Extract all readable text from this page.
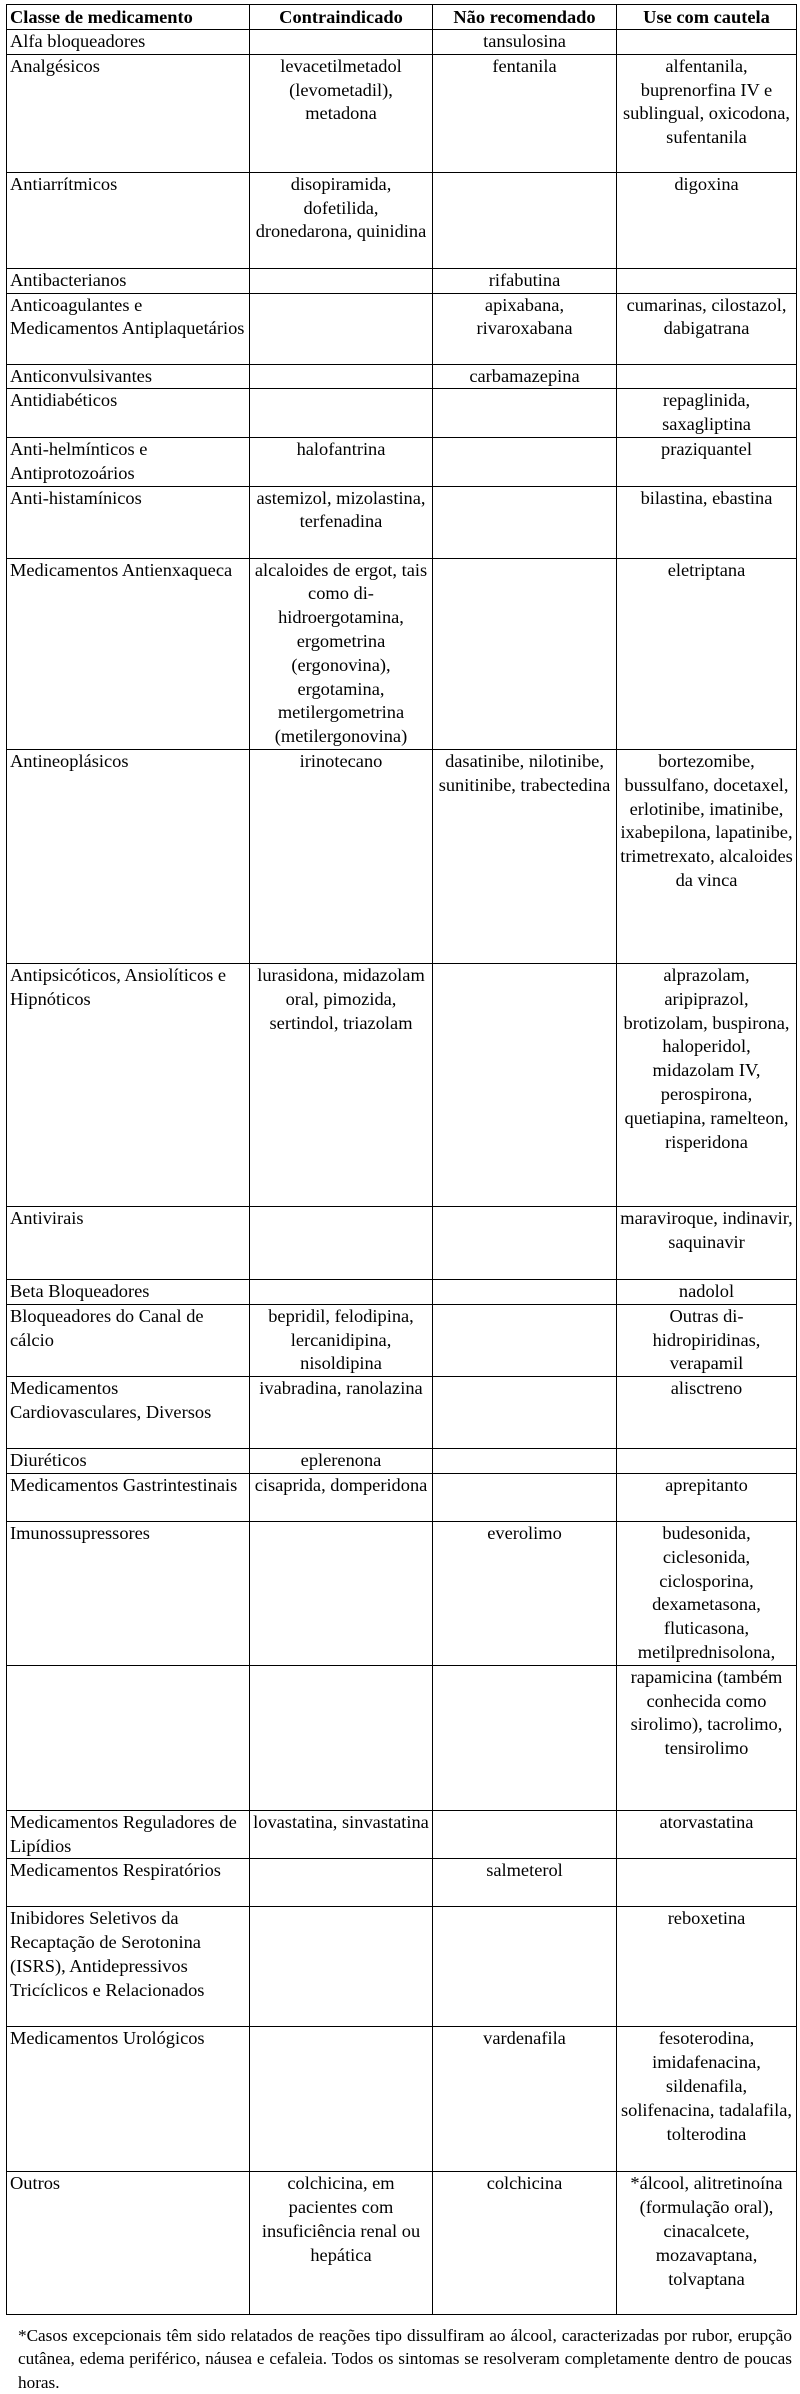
Classe de medicamento	Contraindicado	Não recomendado	Use com cautela
Alfa bloqueadores		tansulosina	
Analgésicos	levacetilmetadol (levometadil), metadona	fentanila	alfentanila, buprenorfina IV e sublingual, oxicodona, sufentanila
Antiarrítmicos	disopiramida, dofetilida, dronedarona, quinidina		digoxina
Antibacterianos		rifabutina	
Anticoagulantes e Medicamentos Antiplaquetários		apixabana, rivaroxabana	cumarinas, cilostazol, dabigatrana
Anticonvulsivantes		carbamazepina	
Antidiabéticos			repaglinida, saxagliptina
Anti-helmínticos e Antiprotozoários	halofantrina		praziquantel
Anti-histamínicos	astemizol, mizolastina, terfenadina		bilastina, ebastina
Medicamentos Antienxaqueca	alcaloides de ergot, tais como di-hidroergotamina, ergometrina (ergonovina), ergotamina, metilergometrina (metilergonovina)		eletriptana
Antineoplásicos	irinotecano	dasatinibe, nilotinibe, sunitinibe, trabectedina	bortezomibe, bussulfano, docetaxel, erlotinibe, imatinibe, ixabepilona, lapatinibe, trimetrexato, alcaloides da vinca
Antipsicóticos, Ansiolíticos e Hipnóticos	lurasidona, midazolam oral, pimozida, sertindol, triazolam		alprazolam, aripiprazol, brotizolam, buspirona, haloperidol, midazolam IV, perospirona, quetiapina, ramelteon, risperidona
Antivirais			maraviroque, indinavir, saquinavir
Beta Bloqueadores			nadolol
Bloqueadores do Canal de cálcio	bepridil, felodipina, lercanidipina, nisoldipina		Outras di-hidropiridinas, verapamil
Medicamentos Cardiovasculares, Diversos	ivabradina, ranolazina		alisctreno
Diuréticos	eplerenona		
Medicamentos Gastrintestinais	cisaprida, domperidona		aprepitanto
Imunossupressores		everolimo	budesonida, ciclesonida, ciclosporina, dexametasona, fluticasona, metilprednisolona,
			rapamicina (também conhecida como sirolimo), tacrolimo, tensirolimo
Medicamentos Reguladores de Lipídios	lovastatina, sinvastatina		atorvastatina
Medicamentos Respiratórios		salmeterol	
Inibidores Seletivos da Recaptação de Serotonina (ISRS), Antidepressivos Tricíclicos e Relacionados			reboxetina
Medicamentos Urológicos		vardenafila	fesoterodina, imidafenacina, sildenafila, solifenacina, tadalafila, tolterodina
Outros	colchicina, em pacientes com insuficiência renal ou hepática	colchicina	*álcool, alitretinoína (formulação oral), cinacalcete, mozavaptana, tolvaptana

*Casos excepcionais têm sido relatados de reações tipo dissulfiram ao álcool, caracterizadas por rubor, erupção cutânea, edema periférico, náusea e cefaleia. Todos os sintomas se resolveram completamente dentro de poucas horas.
